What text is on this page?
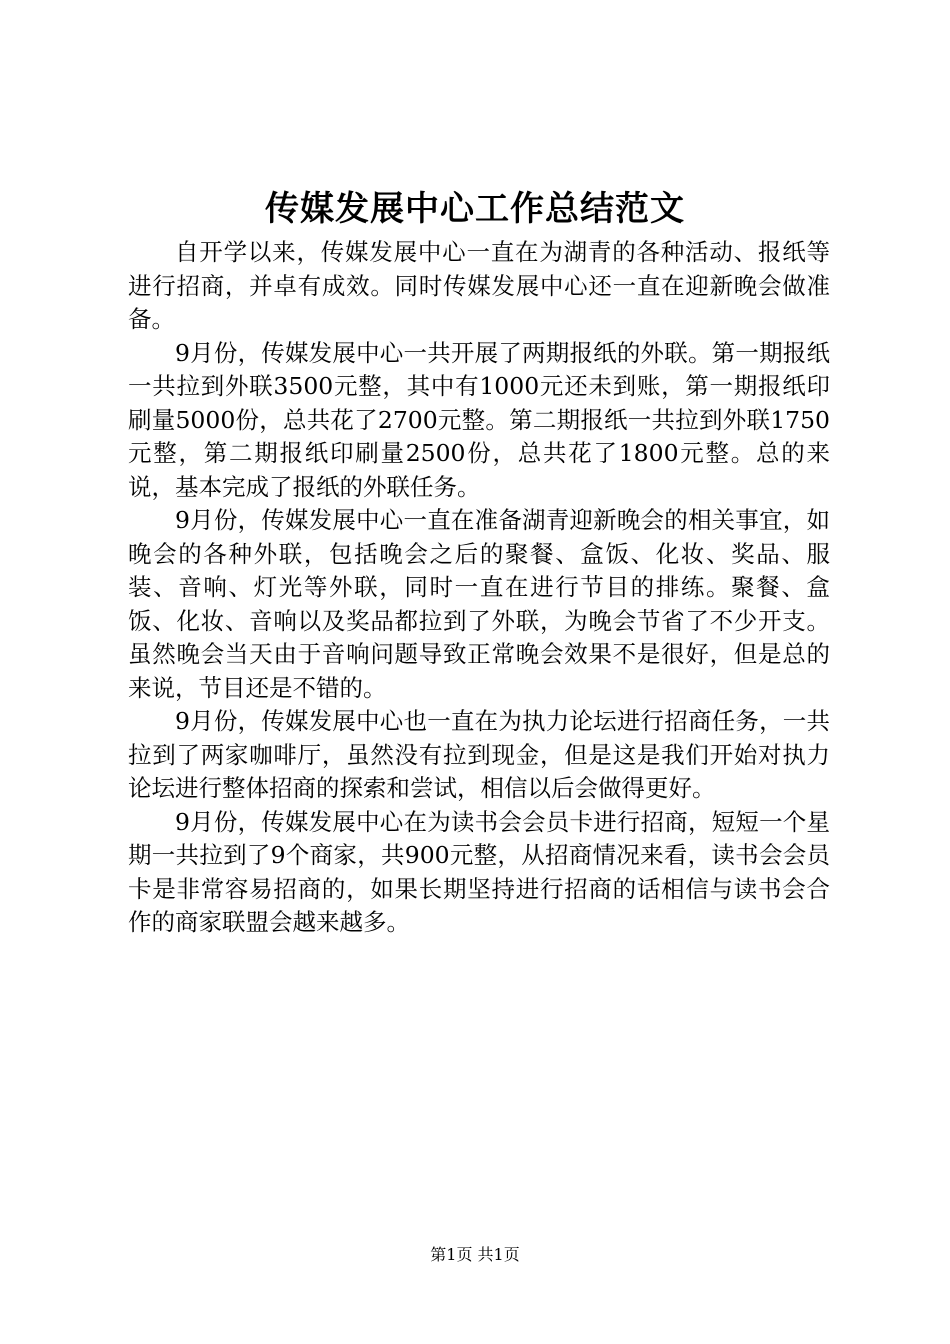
传媒发展中心工作总结范文

自开学以来，传媒发展中心一直在为湖青的各种活动、报纸等进行招商，并卓有成效。同时传媒发展中心还一直在迎新晚会做准备。

9月份，传媒发展中心一共开展了两期报纸的外联。第一期报纸一共拉到外联3500元整，其中有1000元还未到账，第一期报纸印刷量5000份，总共花了2700元整。第二期报纸一共拉到外联1750元整，第二期报纸印刷量2500份，总共花了1800元整。总的来说，基本完成了报纸的外联任务。

9月份，传媒发展中心一直在准备湖青迎新晚会的相关事宜，如晚会的各种外联，包括晚会之后的聚餐、盒饭、化妆、奖品、服装、音响、灯光等外联，同时一直在进行节目的排练。聚餐、盒饭、化妆、音响以及奖品都拉到了外联，为晚会节省了不少开支。虽然晚会当天由于音响问题导致正常晚会效果不是很好，但是总的来说，节目还是不错的。

9月份，传媒发展中心也一直在为执力论坛进行招商任务，一共拉到了两家咖啡厅，虽然没有拉到现金，但是这是我们开始对执力论坛进行整体招商的探索和尝试，相信以后会做得更好。

9月份，传媒发展中心在为读书会会员卡进行招商，短短一个星期一共拉到了9个商家，共900元整，从招商情况来看，读书会会员卡是非常容易招商的，如果长期坚持进行招商的话相信与读书会合作的商家联盟会越来越多。

第1页 共1页
